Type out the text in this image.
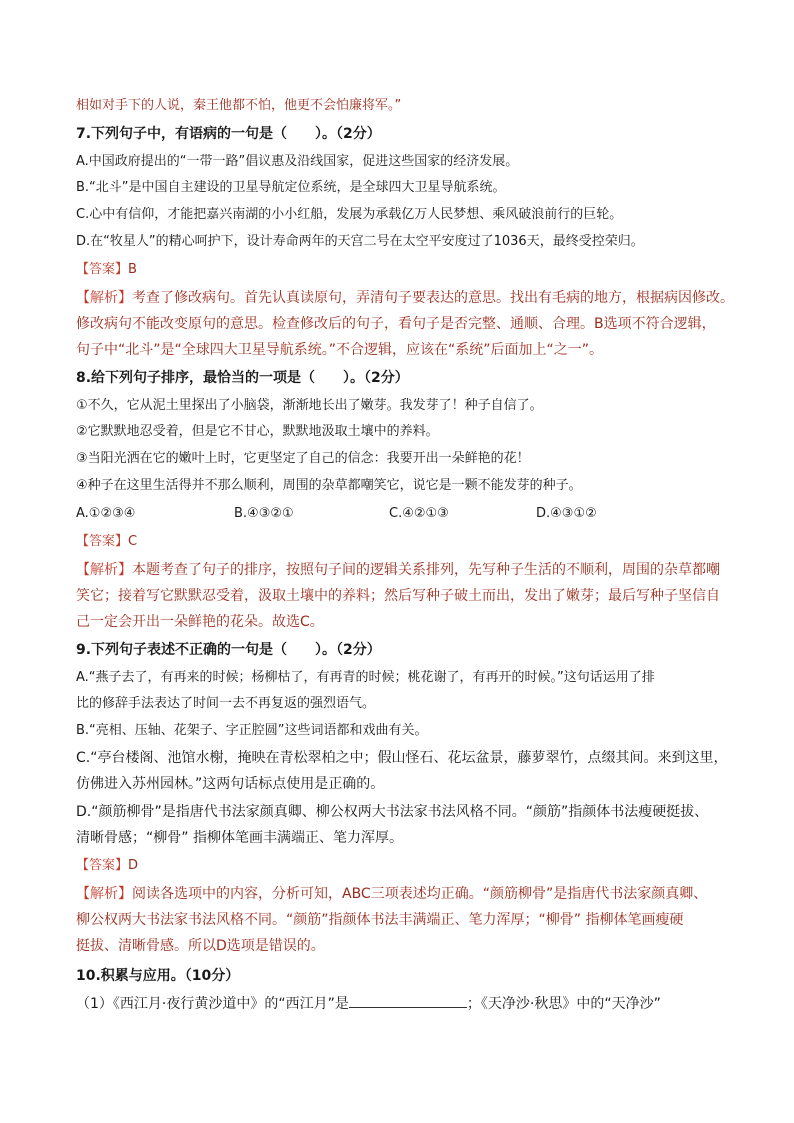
相如对手下的人说，秦王他都不怕，他更不会怕廉将军。”
7.下列句子中，有语病的一句是（　　）。（2分）
A.中国政府提出的“一带一路”倡议惠及沿线国家，促进这些国家的经济发展。
B.“北斗”是中国自主建设的卫星导航定位系统，是全球四大卫星导航系统。
C.心中有信仰，才能把嘉兴南湖的小小红船，发展为承载亿万人民梦想、乘风破浪前行的巨轮。
D.在“牧星人”的精心呵护下，设计寿命两年的天宫二号在太空平安度过了1036天，最终受控荣归。
【答案】B
【解析】考查了修改病句。首先认真读原句，弄清句子要表达的意思。找出有毛病的地方，根据病因修改。
修改病句不能改变原句的意思。检查修改后的句子，看句子是否完整、通顺、合理。B选项不符合逻辑，
句子中“北斗”是“全球四大卫星导航系统。”不合逻辑，应该在“系统”后面加上“之一”。
8.给下列句子排序，最恰当的一项是（　　）。（2分）
①不久，它从泥土里探出了小脑袋，渐渐地长出了嫩芽。我发芽了！种子自信了。
②它默默地忍受着，但是它不甘心，默默地汲取土壤中的养料。
③当阳光洒在它的嫩叶上时，它更坚定了自己的信念：我要开出一朵鲜艳的花！
④种子在这里生活得并不那么顺利，周围的杂草都嘲笑它，说它是一颗不能发芽的种子。
A.①②③④	B.④③②①	C.④②①③	D.④③①②
【答案】C
【解析】本题考查了句子的排序，按照句子间的逻辑关系排列，先写种子生活的不顺利，周围的杂草都嘲
笑它；接着写它默默忍受着，汲取土壤中的养料；然后写种子破土而出，发出了嫩芽；最后写种子坚信自
己一定会开出一朵鲜艳的花朵。故选C。
9.下列句子表述不正确的一句是（　　）。（2分）
A.“燕子去了，有再来的时候；杨柳枯了，有再青的时候；桃花谢了，有再开的时候。”这句话运用了排
比的修辞手法表达了时间一去不再复返的强烈语气。
B.“亮相、压轴、花架子、字正腔圆”这些词语都和戏曲有关。
C.“亭台楼阁、池馆水榭，掩映在青松翠柏之中；假山怪石、花坛盆景，藤萝翠竹，点缀其间。来到这里，
仿佛进入苏州园林。”这两句话标点使用是正确的。
D.“颜筋柳骨”是指唐代书法家颜真卿、柳公权两大书法家书法风格不同。“颜筋”指颜体书法瘦硬挺拔、
清晰骨感；“柳骨” 指柳体笔画丰满端正、笔力浑厚。
【答案】D
【解析】阅读各选项中的内容，分析可知，ABC三项表述均正确。“颜筋柳骨”是指唐代书法家颜真卿、
柳公权两大书法家书法风格不同。“颜筋”指颜体书法丰满端正、笔力浑厚；“柳骨” 指柳体笔画瘦硬
挺拔、清晰骨感。所以D选项是错误的。
10.积累与应用。（10分）
（1）《西江月·夜行黄沙道中》的“西江月”是	；《天净沙·秋思》中的“天净沙”
